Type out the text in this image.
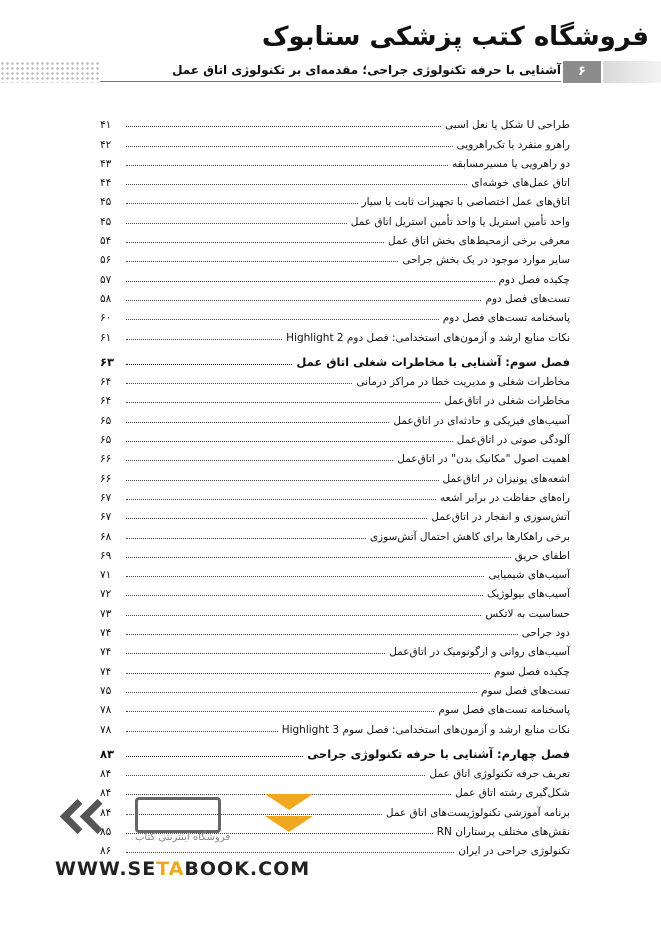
فروشگاه کتب پزشکی ستابوک
آشنایی با حرفه تکنولوژی جراحی؛ مقدمه‌ای بر تکنولوژی اتاق عمل	۶
طراحی U شکل یا نعل اسبی
۴۱
راهرو منفرد یا تک‌راهرویی
۴۲
دو راهرویی یا مسیرمسابقه
۴۳
اتاق عمل‌های خوشه‌ای
۴۴
اتاق‌های عمل اختصاصی با تجهیزات ثابت یا سیار
۴۵
واحد تأمین استریل یا واحد تأمین استریل اتاق عمل
۴۵
معرفی برخی ازمحیط‌های بخش اتاق عمل
۵۴
سایر موارد موجود در یک بخش جراحی
۵۶
چکیده فصل دوم
۵۷
تست‌های فصل دوم
۵۸
پاسخنامه تست‌های فصل دوم
۶۰
نکات منابع ارشد و آزمون‌های استخدامی: فصل دوم Highlight 2
۶۱
فصل سوم: آشنایی با مخاطرات شغلی اتاق عمل
۶۳
مخاطرات شغلی و مدیریت خطا در مراکز درمانی
۶۴
مخاطرات شغلی در اتاق‌عمل
۶۴
آسیب‌های فیزیکی و حادثه‌ای در اتاق‌عمل
۶۵
آلودگی صوتی در اتاق‌عمل
۶۵
اهمیت اصول "مکانیک بدن" در اتاق‌عمل
۶۶
اشعه‌های یونیزان در اتاق‌عمل
۶۶
راه‌های حفاظت در برابر اشعه
۶۷
آتش‌سوزی و انفجار در اتاق‌عمل
۶۷
برخی راهکارها برای کاهش احتمال آتش‌سوزی
۶۸
اطفای حریق
۶۹
آسیب‌های شیمیایی
۷۱
آسیب‌های بیولوژیک
۷۲
حساسیت به لاتکس
۷۳
دود جراحی
۷۴
آسیب‌های روانی و ارگونومیک در اتاق‌عمل
۷۴
چکیده فصل سوم
۷۴
تست‌های فصل سوم
۷۵
پاسخنامه تست‌های فصل سوم
۷۸
نکات منابع ارشد و آزمون‌های استخدامی: فصل سوم Highlight 3
۷۸
فصل چهارم: آشنایی با حرفه تکنولوژی جراحی
۸۳
تعریف حرفه تکنولوژی اتاق عمل
۸۴
شکل‌گیری رشته اتاق عمل
۸۴
برنامه آموزشی تکنولوژیست‌های اتاق عمل
۸۴
نقش‌های مختلف پرستاران RN
۸۵
تکنولوژی جراحی در ایران
۸۶
فروشگاه اینترنتی کتاب
WWW.SETABOOK.COM
